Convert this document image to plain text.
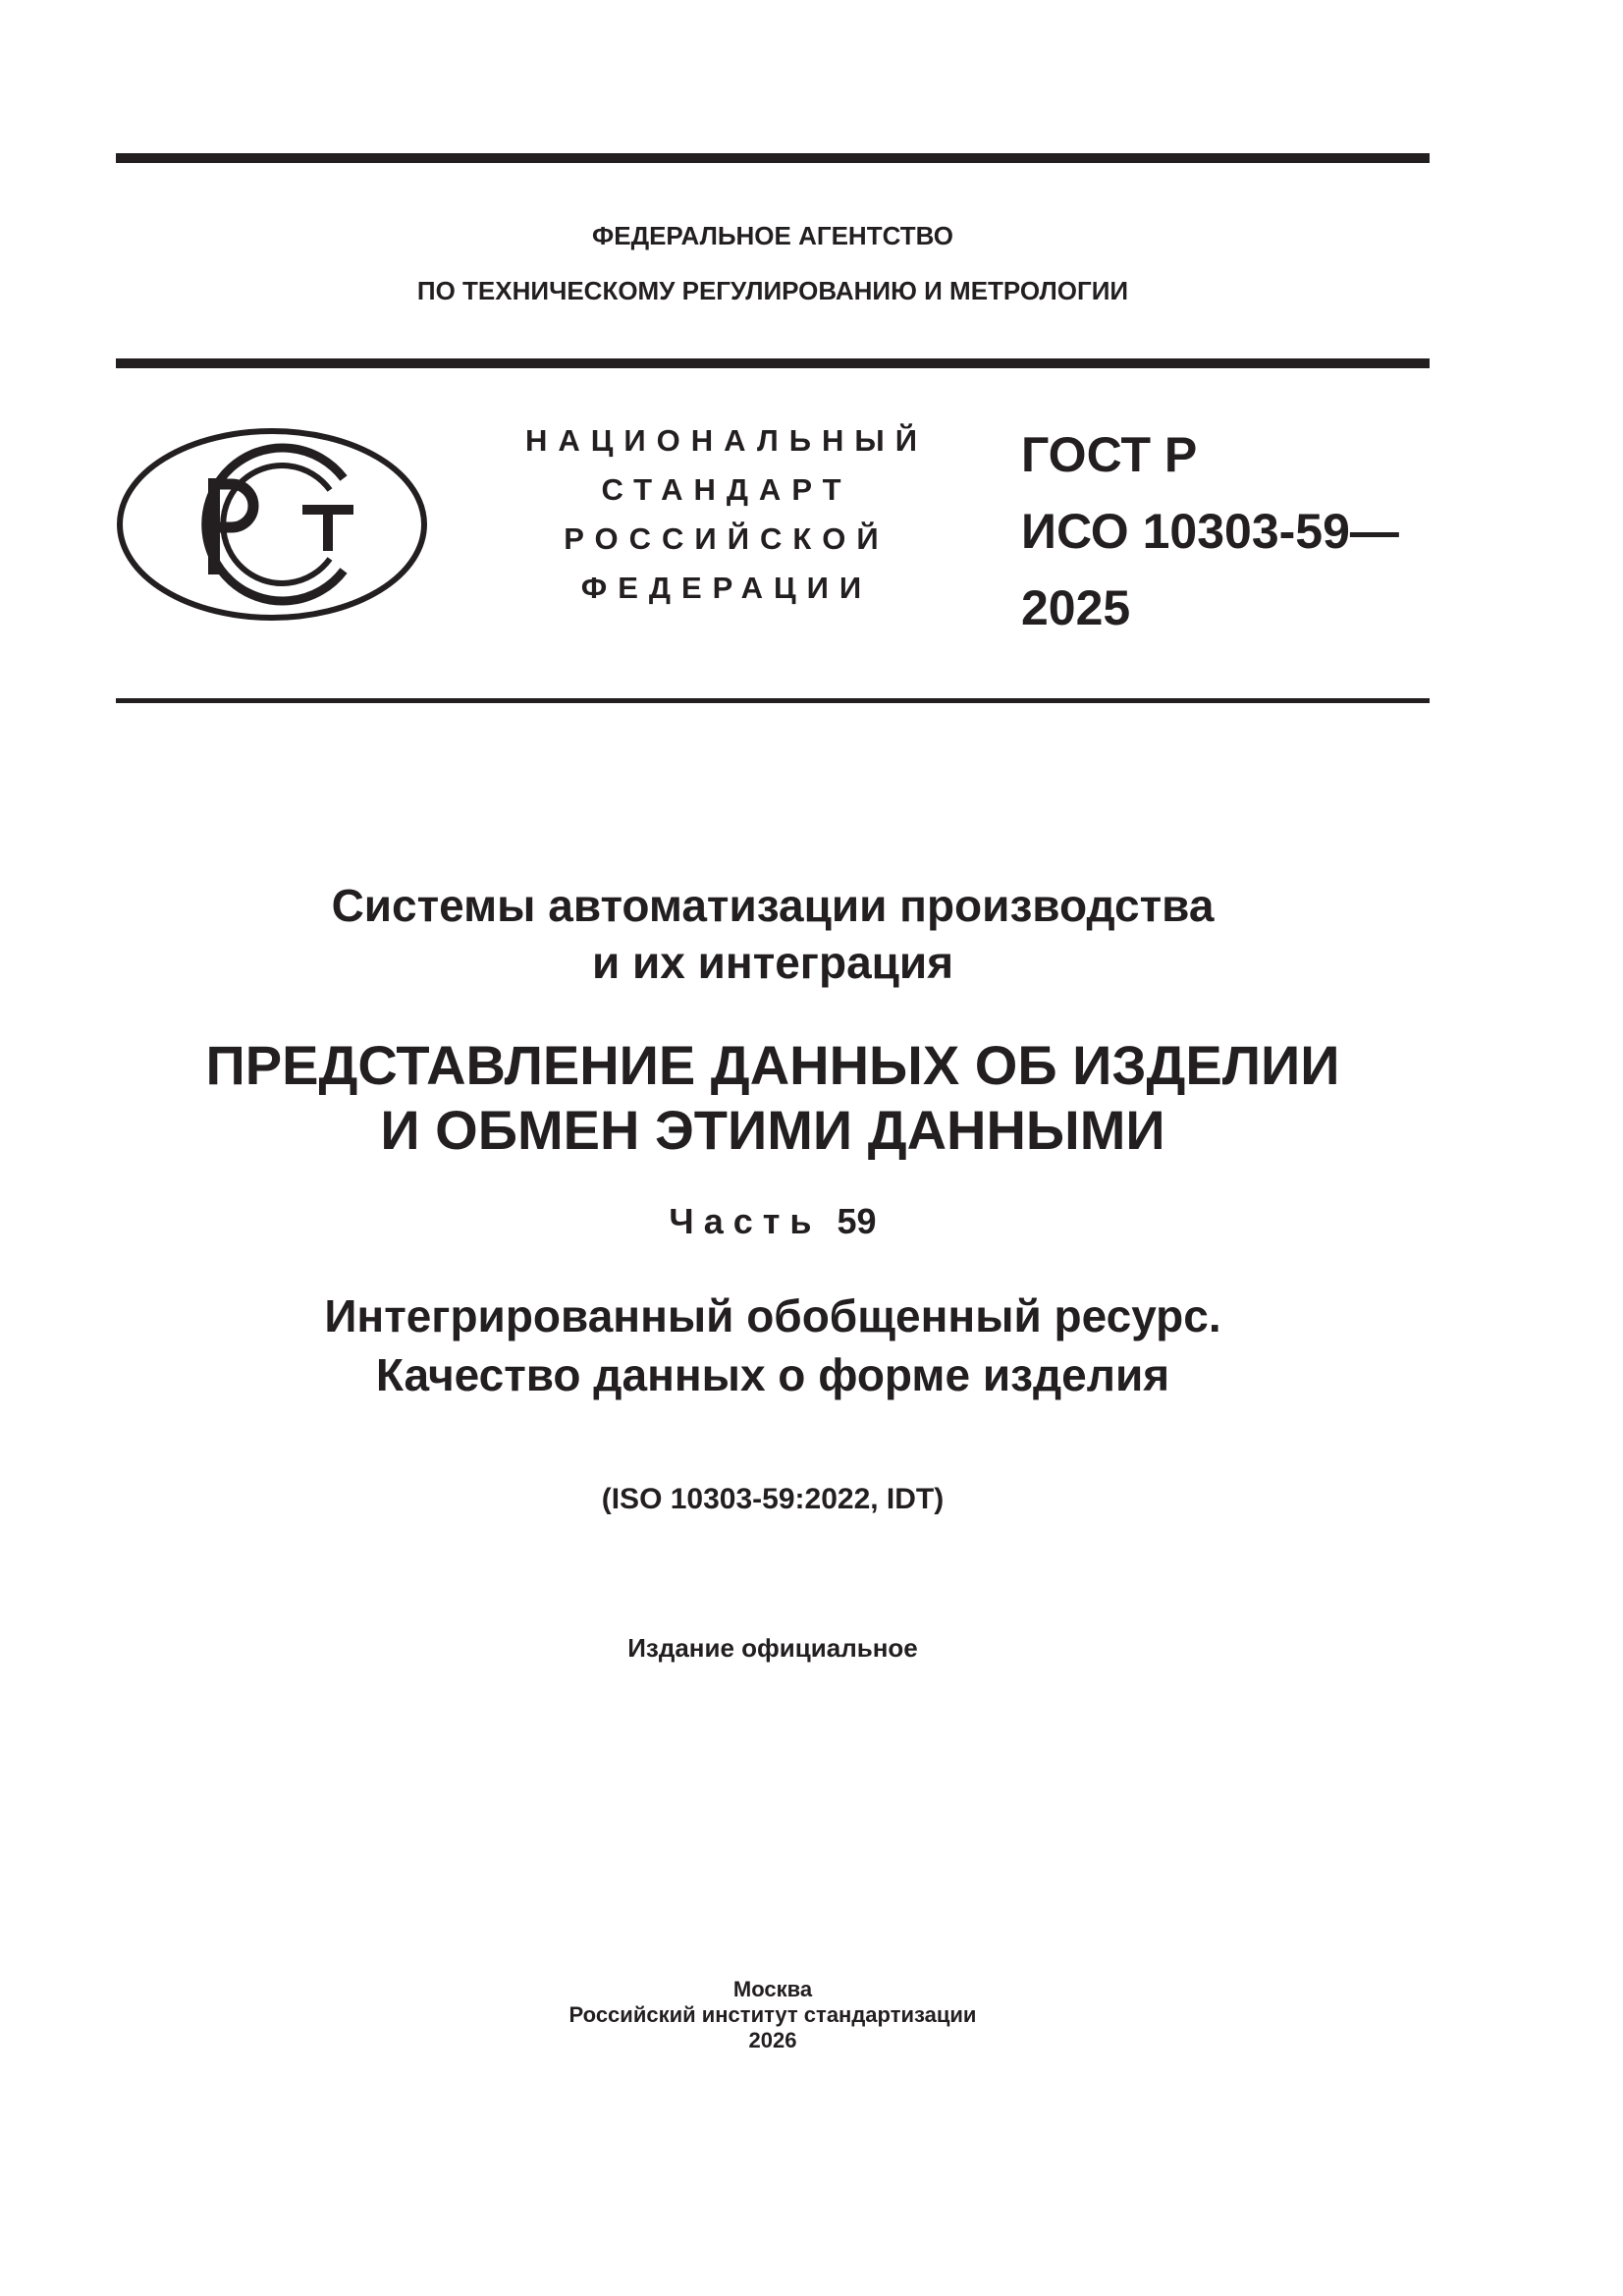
ФЕДЕРАЛЬНОЕ АГЕНТСТВО
ПО ТЕХНИЧЕСКОМУ РЕГУЛИРОВАНИЮ И МЕТРОЛОГИИ
НАЦИОНАЛЬНЫЙ
СТАНДАРТ
РОССИЙСКОЙ
ФЕДЕРАЦИИ
ГОСТ Р
ИСО 10303-59—
2025
Системы автоматизации производства
и их интеграция
ПРЕДСТАВЛЕНИЕ ДАННЫХ ОБ ИЗДЕЛИИ
И ОБМЕН ЭТИМИ ДАННЫМИ
Часть 59
Интегрированный обобщенный ресурс.
Качество данных о форме изделия
(ISO 10303-59:2022, IDT)
Издание официальное
Москва
Российский институт стандартизации
2026
